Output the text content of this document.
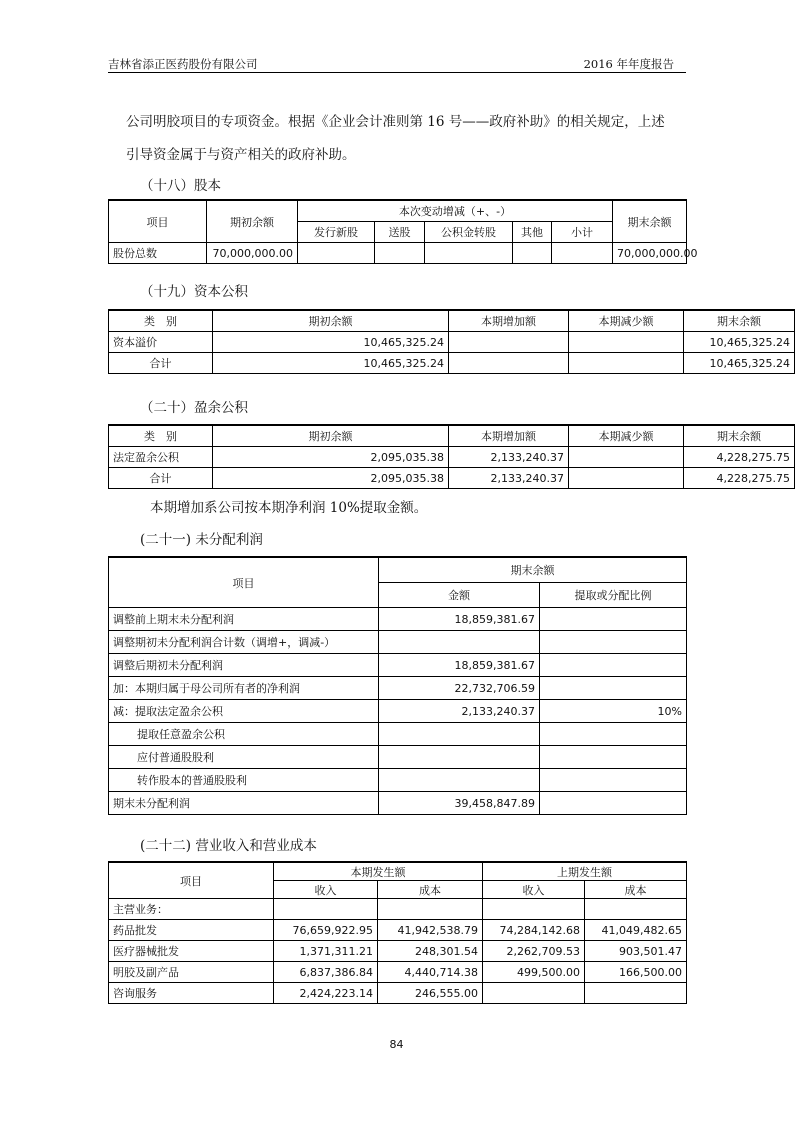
吉林省添正医药股份有限公司	2016 年年度报告
公司明胶项目的专项资金。根据《企业会计准则第 16 号——政府补助》的相关规定，上述
引导资金属于与资产相关的政府补助。
（十八）股本
项目	期初余额	本次变动增减（+、-）					期末余额
		发行新股	送股	公积金转股	其他	小计	
股份总数	70,000,000.00						70,000,000.00
（十九）资本公积
类　别	期初余额	本期增加额	本期减少额	期末余额
资本溢价	10,465,325.24			10,465,325.24
合计	10,465,325.24			10,465,325.24
（二十）盈余公积
类　别	期初余额	本期增加额	本期减少额	期末余额
法定盈余公积	2,095,035.38	2,133,240.37		4,228,275.75
合计	2,095,035.38	2,133,240.37		4,228,275.75
本期增加系公司按本期净利润 10%提取金额。
(二十一) 未分配利润
项目	期末余额	
	金额	提取或分配比例
调整前上期末未分配利润	18,859,381.67	
调整期初未分配利润合计数（调增+，调减-）		
调整后期初未分配利润	18,859,381.67	
加：本期归属于母公司所有者的净利润	22,732,706.59	
减：提取法定盈余公积	2,133,240.37	10%
提取任意盈余公积		
应付普通股股利		
转作股本的普通股股利		
期末未分配利润	39,458,847.89	
(二十二) 营业收入和营业成本
项目	本期发生额		上期发生额	
	收入	成本	收入	成本
主营业务：				
药品批发	76,659,922.95	41,942,538.79	74,284,142.68	41,049,482.65
医疗器械批发	1,371,311.21	248,301.54	2,262,709.53	903,501.47
明胶及副产品	6,837,386.84	4,440,714.38	499,500.00	166,500.00
咨询服务	2,424,223.14	246,555.00		
84
